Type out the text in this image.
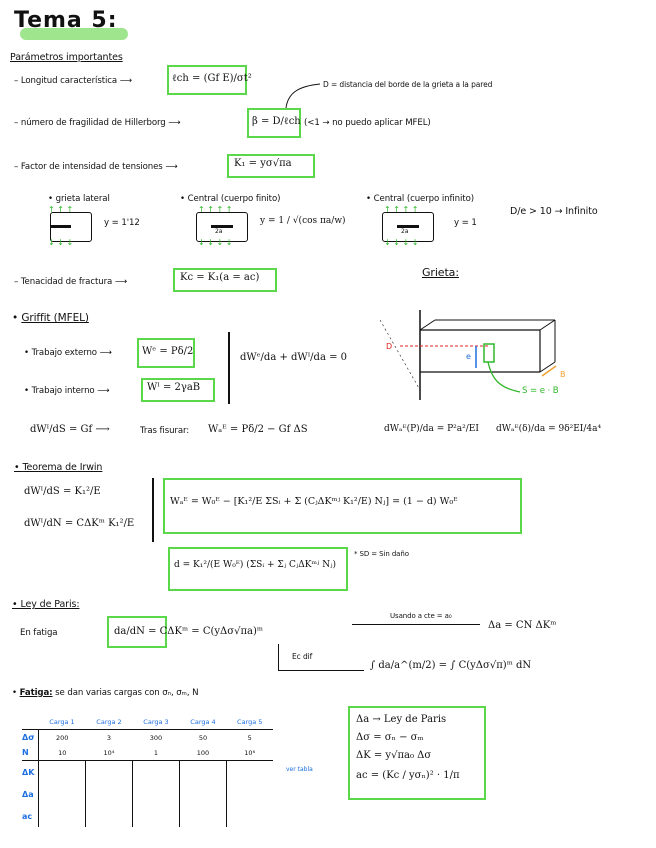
Tema 5:
Parámetros importantes
– Longitud característica ⟶	ℓch = (Gf E)/σt²
D = distancia del borde de la grieta a la pared
– número de fragilidad de Hillerborg ⟶	β = D/ℓch (<1 → no puedo aplicar MFEL)
– Factor de intensidad de tensiones ⟶	K₁ = yσ√πa
• grieta lateral
↑ ↑ ↑
↓ ↓ ↓
y = 1'12
• Central (cuerpo finito)
2a
↑ ↑ ↑ ↑
↓ ↓ ↓ ↓
y = 1 / √(cos πa/w)
• Central (cuerpo infinito)
2a
↑ ↑ ↑ ↑
↓ ↓ ↓ ↓
y = 1
D/e > 10 → Infinito
– Tenacidad de fractura ⟶	Kc = K₁(a = ac)	Grieta:
• Griffit (MFEL)
• Trabajo externo ⟶	Wᵉ = Pδ/2
• Trabajo interno ⟶	Wᴵ = 2γaB
dWᵉ/da + dWᴵ/da = 0
D
e
B
S = e · B
dWᴵ/dS = Gf ⟶	Tras fisurar: Wₐᴱ = Pδ/2 − Gf ΔS	dWₐᴱ(P)/da = P²a²/EI dWₐᴱ(δ)/da = 9δ²EI/4a⁴
• Teorema de Irwin
dWᴵ/dS = K₁²/E
dWᴵ/dN = CΔKᵐ K₁²/E
Wₐᴱ = W₀ᴱ − [K₁²/E ΣSᵢ + Σ (CⱼΔKᵐʲ K₁²/E) Nⱼ] = (1 − d) W₀ᴱ
d = K₁²/(E W₀ᴱ) (ΣSᵢ + Σⱼ CⱼΔKᵐʲ Nⱼ)
* SD = Sin daño
• Ley de Paris:
En fatiga	da/dN = CΔKᵐ = C(yΔσ√πa)ᵐ
Usando a cte = a₀
Δa = CN ΔKᵐ
Ec dif
∫ da/a^(m/2) = ∫ C(yΔσ√π)ᵐ dN
• Fatiga: se dan varias cargas con σₙ, σₘ, N
	Carga 1	Carga 2	Carga 3	Carga 4	Carga 5
Δσ	200	3	300	50	5
N	10	10⁴	1	100	10⁶
ΔK					
Δa					
ac					
ver tabla
Δa → Ley de Paris
Δσ = σₙ − σₘ
ΔK = y√πa₀ Δσ
ac = (Kc / yσₙ)² · 1/π
